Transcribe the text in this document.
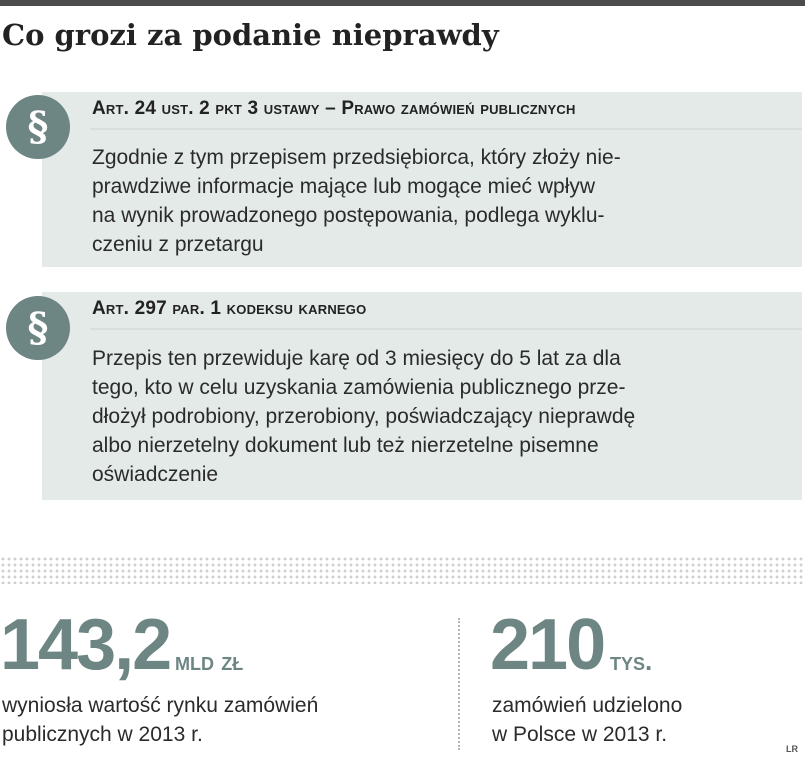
Co grozi za podanie nieprawdy
§	Art. 24 ust. 2 pkt 3 ustawy – Prawo zamówień publicznych

Zgodnie z tym przepisem przedsiębiorca, który złoży nie-
prawdziwe informacje mające lub mogące mieć wpływ
na wynik prowadzonego postępowania, podlega wyklu-
czeniu z przetargu

§	Art. 297 par. 1 kodeksu karnego

Przepis ten przewiduje karę od 3 miesięcy do 5 lat za dla
tego, kto w celu uzyskania zamówienia publicznego prze-
dłożył podrobiony, przerobiony, poświadczający nieprawdę
albo nierzetelny dokument lub też nierzetelne pisemne
oświadczenie

143,2 mld zł

wyniosła wartość rynku zamówień
publicznych w 2013 r.

210 tys.

zamówień udzielono
w Polsce w 2013 r.

LR
